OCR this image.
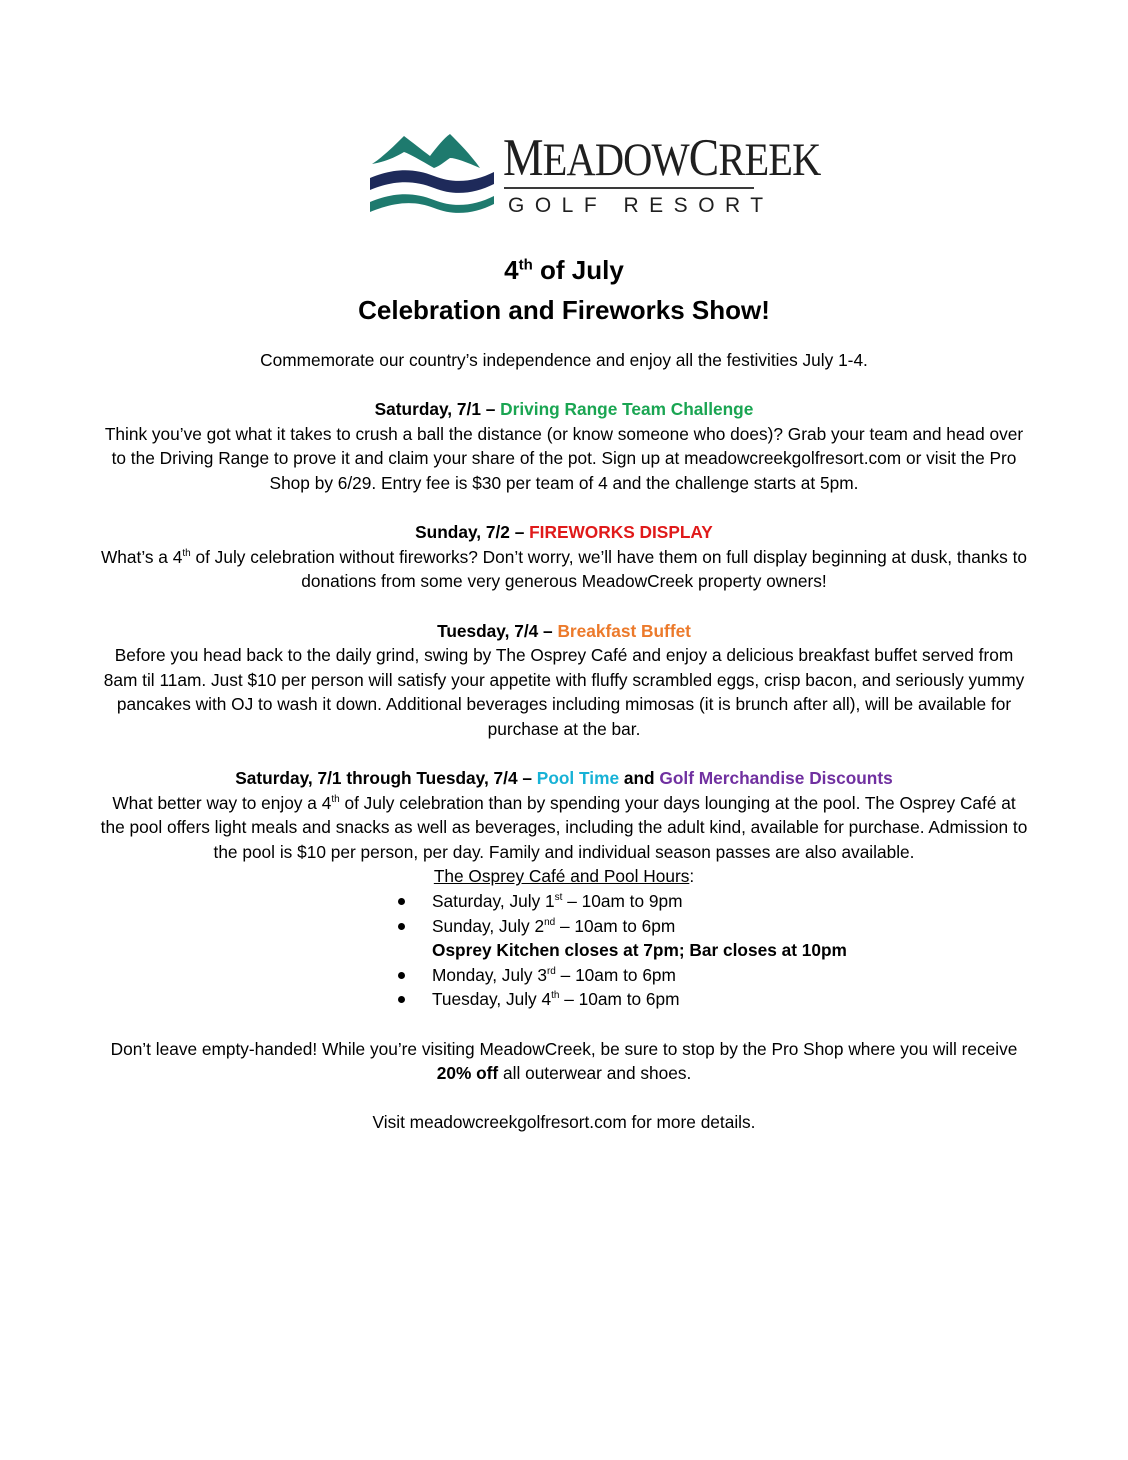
MEADOWCREEK
GOLF RESORT
4th of July
Celebration and Fireworks Show!

Commemorate our country’s independence and enjoy all the festivities July 1-4.

Saturday, 7/1 – Driving Range Team Challenge

Think you’ve got what it takes to crush a ball the distance (or know someone who does)? Grab your team and head over to the Driving Range to prove it and claim your share of the pot. Sign up at meadowcreekgolfresort.com or visit the Pro Shop by 6/29. Entry fee is $30 per team of 4 and the challenge starts at 5pm.

Sunday, 7/2 – FIREWORKS DISPLAY

What’s a 4th of July celebration without fireworks? Don’t worry, we’ll have them on full display beginning at dusk, thanks to donations from some very generous MeadowCreek property owners!

Tuesday, 7/4 – Breakfast Buffet

Before you head back to the daily grind, swing by The Osprey Café and enjoy a delicious breakfast buffet served from 8am til 11am. Just $10 per person will satisfy your appetite with fluffy scrambled eggs, crisp bacon, and seriously yummy pancakes with OJ to wash it down. Additional beverages including mimosas (it is brunch after all), will be available for purchase at the bar.

Saturday, 7/1 through Tuesday, 7/4 – Pool Time and Golf Merchandise Discounts

What better way to enjoy a 4th of July celebration than by spending your days lounging at the pool. The Osprey Café at the pool offers light meals and snacks as well as beverages, including the adult kind, available for purchase. Admission to the pool is $10 per person, per day. Family and individual season passes are also available.

The Osprey Café and Pool Hours:

Saturday, July 1st – 10am to 9pm
Sunday, July 2nd – 10am to 6pm
Osprey Kitchen closes at 7pm; Bar closes at 10pm
Monday, July 3rd – 10am to 6pm
Tuesday, July 4th – 10am to 6pm

Don’t leave empty-handed! While you’re visiting MeadowCreek, be sure to stop by the Pro Shop where you will receive 20% off all outerwear and shoes.

Visit meadowcreekgolfresort.com for more details.
